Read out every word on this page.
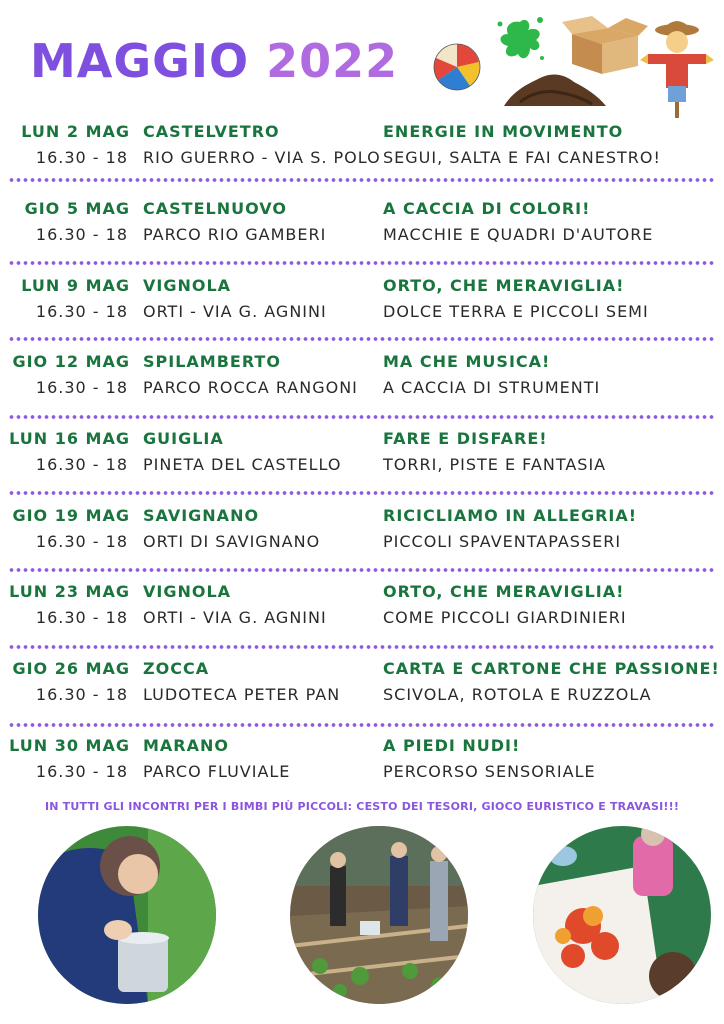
MAGGIO 2022
LUN 2 MAG
16.30 - 18
CASTELVETRO
RIO GUERRO - VIA S. POLO
ENERGIE IN MOVIMENTO
SEGUI, SALTA E FAI CANESTRO!
GIO 5 MAG
16.30 - 18
CASTELNUOVO
PARCO RIO GAMBERI
A CACCIA DI COLORI!
MACCHIE E QUADRI D'AUTORE
LUN 9 MAG
16.30 - 18
VIGNOLA
ORTI - VIA G. AGNINI
ORTO, CHE MERAVIGLIA!
DOLCE TERRA E PICCOLI SEMI
GIO 12 MAG
16.30 - 18
SPILAMBERTO
PARCO ROCCA RANGONI
MA CHE MUSICA!
A CACCIA DI STRUMENTI
LUN 16 MAG
16.30 - 18
GUIGLIA
PINETA DEL CASTELLO
FARE E DISFARE!
TORRI, PISTE E FANTASIA
GIO 19 MAG
16.30 - 18
SAVIGNANO
ORTI DI SAVIGNANO
RICICLIAMO IN ALLEGRIA!
PICCOLI SPAVENTAPASSERI
LUN 23 MAG
16.30 - 18
VIGNOLA
ORTI - VIA G. AGNINI
ORTO, CHE MERAVIGLIA!
COME PICCOLI GIARDINIERI
GIO 26 MAG
16.30 - 18
ZOCCA
LUDOTECA PETER PAN
CARTA E CARTONE CHE PASSIONE!
SCIVOLA, ROTOLA E RUZZOLA
LUN 30 MAG
16.30 - 18
MARANO
PARCO FLUVIALE
A PIEDI NUDI!
PERCORSO SENSORIALE
IN TUTTI GLI INCONTRI PER I BIMBI PIÙ PICCOLI: CESTO DEI TESORI, GIOCO EURISTICO E TRAVASI!!!
